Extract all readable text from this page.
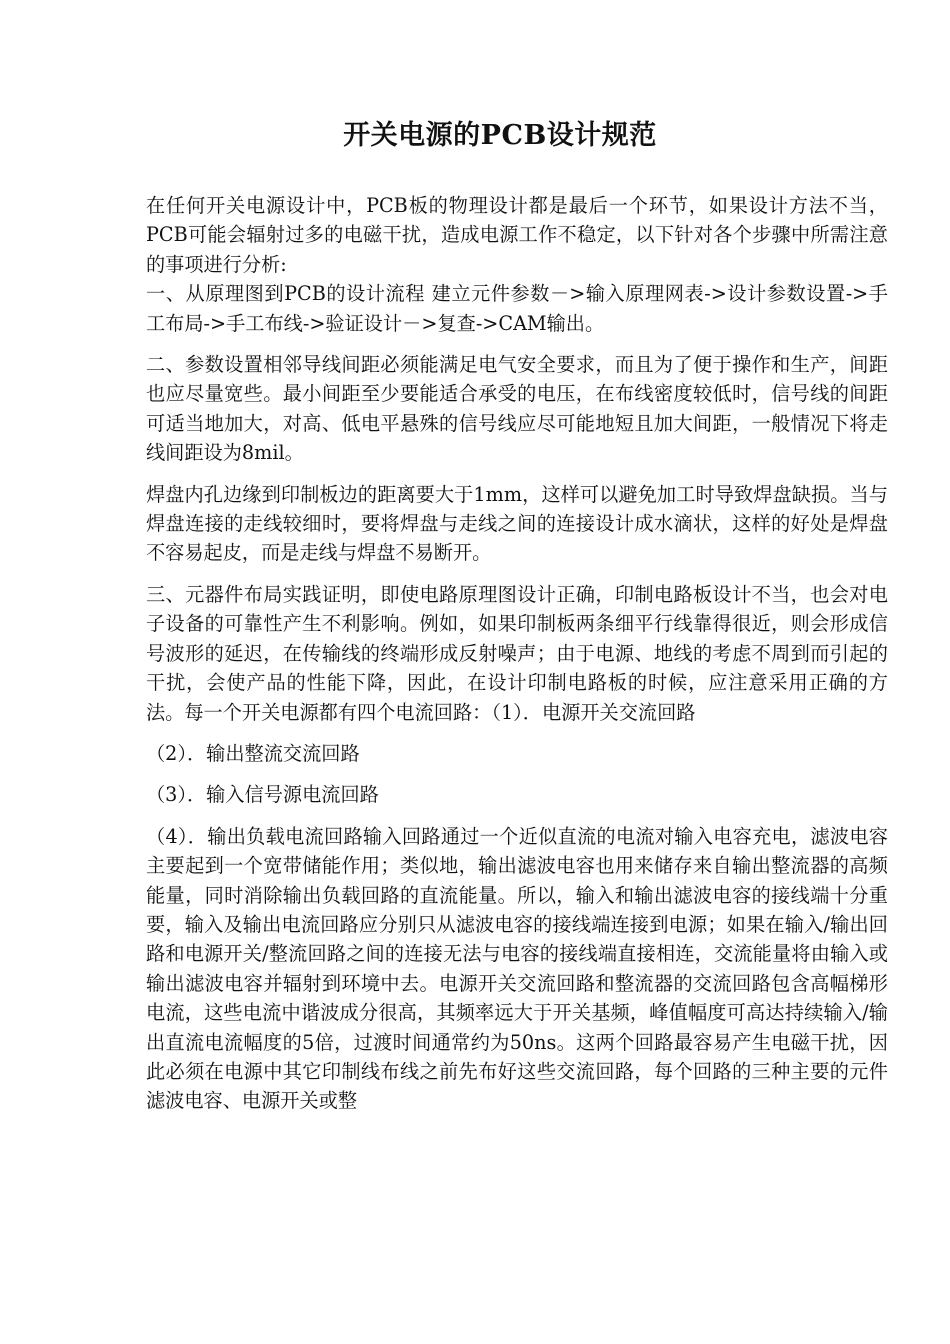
开关电源的PCB设计规范

在任何开关电源设计中，PCB板的物理设计都是最后一个环节，如果设计方法不当，PCB可能会辐射过多的电磁干扰，造成电源工作不稳定，以下针对各个步骤中所需注意的事项进行分析:

一、从原理图到PCB的设计流程 建立元件参数－>输入原理网表->设计参数设置->手工布局->手工布线->验证设计－>复查->CAM输出。

二、参数设置相邻导线间距必须能满足电气安全要求，而且为了便于操作和生产，间距也应尽量宽些。最小间距至少要能适合承受的电压，在布线密度较低时，信号线的间距可适当地加大，对高、低电平悬殊的信号线应尽可能地短且加大间距，一般情况下将走线间距设为8mil。

焊盘内孔边缘到印制板边的距离要大于1mm，这样可以避免加工时导致焊盘缺损。当与焊盘连接的走线较细时，要将焊盘与走线之间的连接设计成水滴状，这样的好处是焊盘不容易起皮，而是走线与焊盘不易断开。

三、元器件布局实践证明，即使电路原理图设计正确，印制电路板设计不当，也会对电子设备的可靠性产生不利影响。例如，如果印制板两条细平行线靠得很近，则会形成信号波形的延迟，在传输线的终端形成反射噪声；由于电源、地线的考虑不周到而引起的干扰，会使产品的性能下降，因此，在设计印制电路板的时候，应注意采用正确的方法。每一个开关电源都有四个电流回路：（1）．电源开关交流回路

（2）．输出整流交流回路

（3）．输入信号源电流回路

（4）．输出负载电流回路输入回路通过一个近似直流的电流对输入电容充电，滤波电容主要起到一个宽带储能作用；类似地，输出滤波电容也用来储存来自输出整流器的高频能量，同时消除输出负载回路的直流能量。所以，输入和输出滤波电容的接线端十分重要，输入及输出电流回路应分别只从滤波电容的接线端连接到电源；如果在输入/输出回路和电源开关/整流回路之间的连接无法与电容的接线端直接相连，交流能量将由输入或输出滤波电容并辐射到环境中去。电源开关交流回路和整流器的交流回路包含高幅梯形电流，这些电流中谐波成分很高，其频率远大于开关基频，峰值幅度可高达持续输入/输出直流电流幅度的5倍，过渡时间通常约为50ns。这两个回路最容易产生电磁干扰，因此必须在电源中其它印制线布线之前先布好这些交流回路，每个回路的三种主要的元件滤波电容、电源开关或整
